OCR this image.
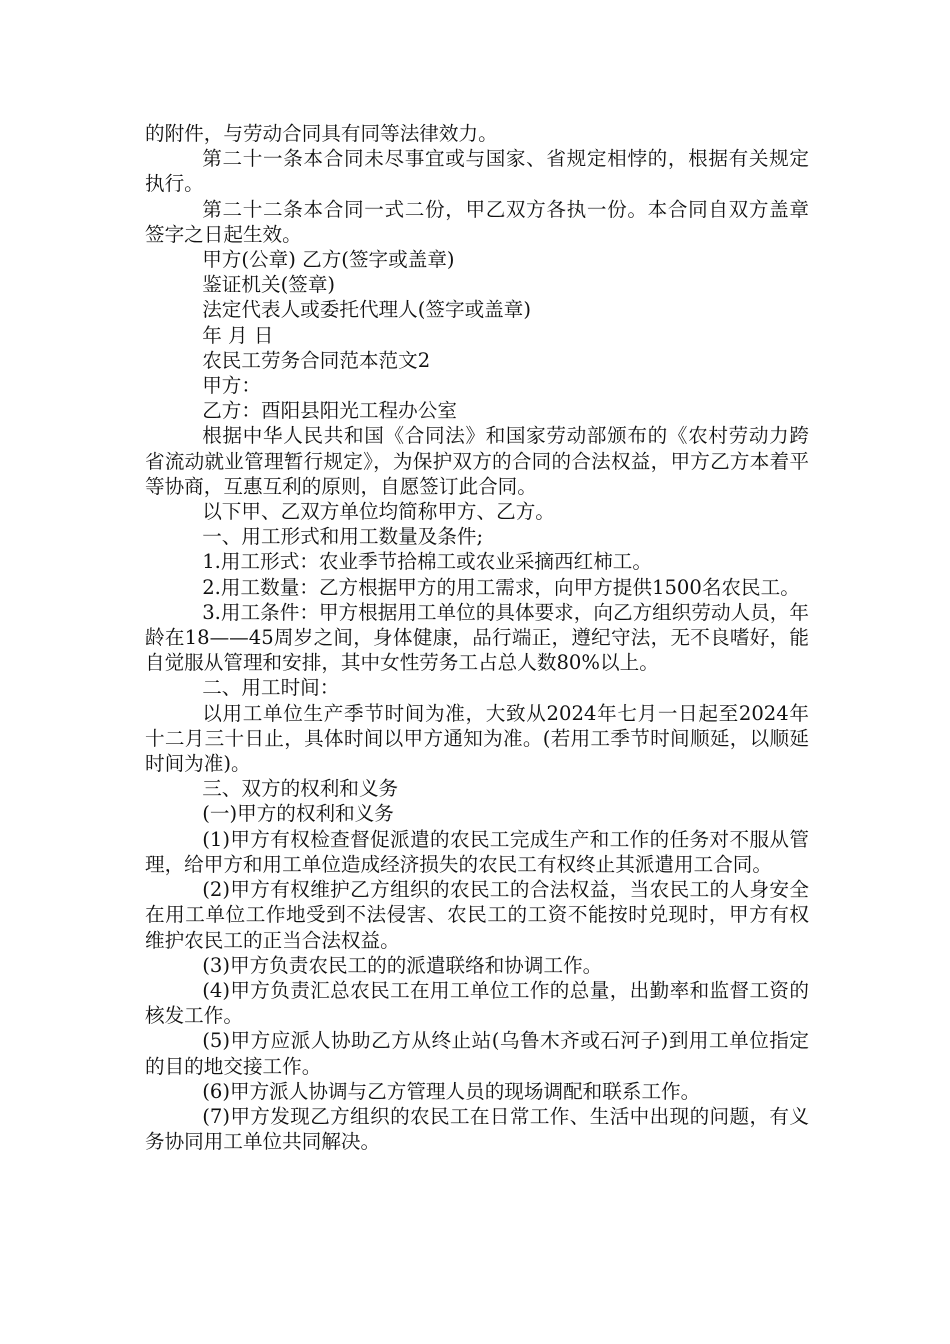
的附件，与劳动合同具有同等法律效力。

第二十一条本合同未尽事宜或与国家、省规定相悖的，根据有关规定执行。

第二十二条本合同一式二份，甲乙双方各执一份。本合同自双方盖章签字之日起生效。

甲方(公章) 乙方(签字或盖章)

鉴证机关(签章)

法定代表人或委托代理人(签字或盖章)

年 月 日

农民工劳务合同范本范文2

甲方：

乙方：酉阳县阳光工程办公室

根据中华人民共和国《合同法》和国家劳动部颁布的《农村劳动力跨省流动就业管理暂行规定》，为保护双方的合同的合法权益，甲方乙方本着平等协商，互惠互利的原则，自愿签订此合同。

以下甲、乙双方单位均简称甲方、乙方。

一、用工形式和用工数量及条件;

1.用工形式：农业季节拾棉工或农业采摘西红柿工。

2.用工数量：乙方根据甲方的用工需求，向甲方提供1500名农民工。

3.用工条件：甲方根据用工单位的具体要求，向乙方组织劳动人员，年龄在18——45周岁之间，身体健康，品行端正，遵纪守法，无不良嗜好，能自觉服从管理和安排，其中女性劳务工占总人数80%以上。

二、用工时间：

以用工单位生产季节时间为准，大致从2024年七月一日起至2024年十二月三十日止，具体时间以甲方通知为准。(若用工季节时间顺延，以顺延时间为准)。

三、双方的权利和义务

(一)甲方的权利和义务

(1)甲方有权检查督促派遣的农民工完成生产和工作的任务对不服从管理，给甲方和用工单位造成经济损失的农民工有权终止其派遣用工合同。

(2)甲方有权维护乙方组织的农民工的合法权益，当农民工的人身安全在用工单位工作地受到不法侵害、农民工的工资不能按时兑现时，甲方有权维护农民工的正当合法权益。

(3)甲方负责农民工的的派遣联络和协调工作。

(4)甲方负责汇总农民工在用工单位工作的总量，出勤率和监督工资的核发工作。

(5)甲方应派人协助乙方从终止站(乌鲁木齐或石河子)到用工单位指定的目的地交接工作。

(6)甲方派人协调与乙方管理人员的现场调配和联系工作。

(7)甲方发现乙方组织的农民工在日常工作、生活中出现的问题，有义务协同用工单位共同解决。
